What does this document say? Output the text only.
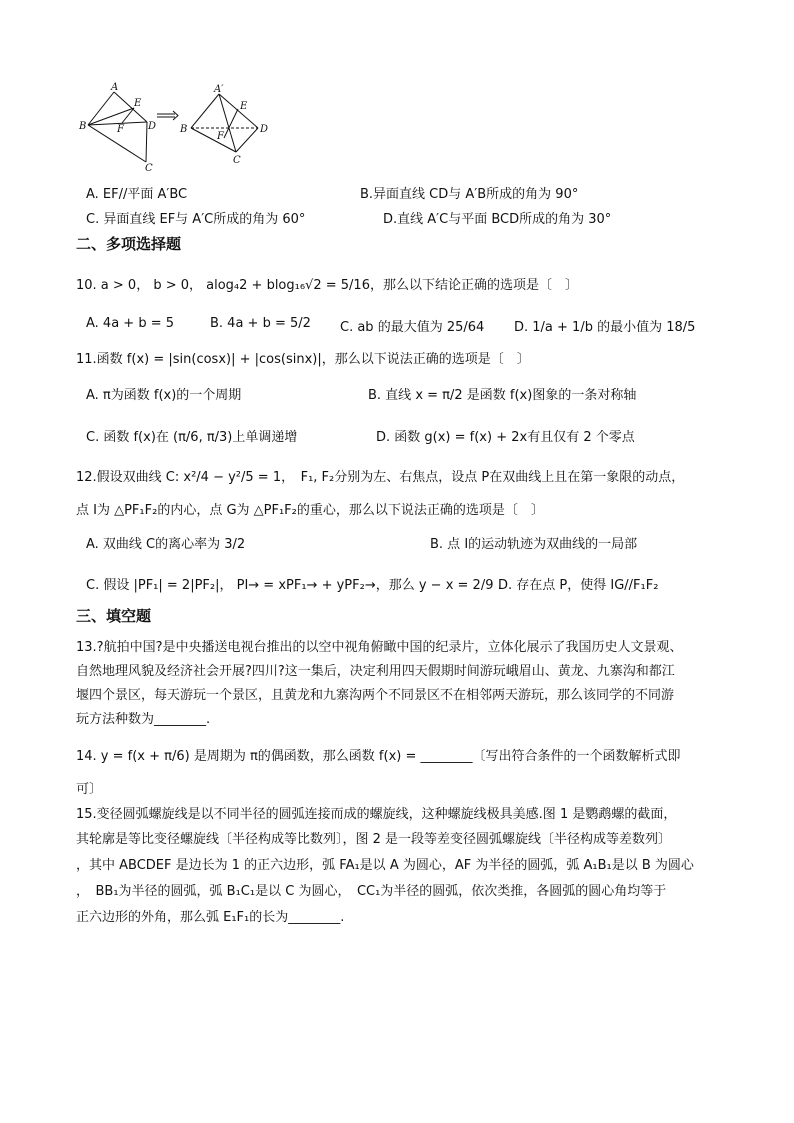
A
E
B	F D
C
A′
E
B
F
D
C
A. EF//平面 A′BC	B.异面直线 CD与 A′B所成的角为 90°
C. 异面直线 EF与 A′C所成的角为 60°	D.直线 A′C与平面 BCD所成的角为 30°
二、多项选择题
10. a > 0， b > 0， alog₄2 + blog₁₆√2 = 5/16，那么以下结论正确的选项是〔　〕
A. 4a + b = 5	B. 4a + b = 5/2 C. ab 的最大值为 25/64 D. 1/a + 1/b 的最小值为 18/5
11.函数 f(x) = |sin(cosx)| + |cos(sinx)|，那么以下说法正确的选项是〔　〕
A. π为函数 f(x)的一个周期	B. 直线 x = π/2 是函数 f(x)图象的一条对称轴
C. 函数 f(x)在 (π/6, π/3)上单调递增	D. 函数 g(x) = f(x) + 2x有且仅有 2 个零点
12.假设双曲线 C: x²/4 − y²/5 = 1，　F₁, F₂分别为左、右焦点，设点 P在双曲线上且在第一象限的动点，
点 I为 △PF₁F₂的内心，点 G为 △PF₁F₂的重心，那么以下说法正确的选项是〔　〕
A. 双曲线 C的离心率为 3/2	B. 点 I的运动轨迹为双曲线的一局部
C. 假设 |PF₁| = 2|PF₂|， PI→ = xPF₁→ + yPF₂→，那么 y − x = 2/9 .
D. 存在点 P，使得 IG//F₁F₂
三、填空题
13.?航拍中国?是中央播送电视台推出的以空中视角俯瞰中国的纪录片，立体化展示了我国历史人文景观、
自然地理风貌及经济社会开展?四川?这一集后，决定利用四天假期时间游玩峨眉山、黄龙、九寨沟和都江
堰四个景区，每天游玩一个景区，且黄龙和九寨沟两个不同景区不在相邻两天游玩，那么该同学的不同游
玩方法种数为________.
14. y = f(x + π/6) 是周期为 π的偶函数，那么函数 f(x) = ________〔写出符合条件的一个函数解析式即
可〕
15.变径圆弧螺旋线是以不同半径的圆弧连接而成的螺旋线，这种螺旋线极具美感.图 1 是鹦鹉螺的截面，
其轮廓是等比变径螺旋线〔半径构成等比数列〕，图 2 是一段等差变径圆弧螺旋线〔半径构成等差数列〕
，其中 ABCDEF 是边长为 1 的正六边形，弧 FA₁是以 A 为圆心，AF 为半径的圆弧，弧 A₁B₁是以 B 为圆心
，　BB₁为半径的圆弧，弧 B₁C₁是以 C 为圆心，　CC₁为半径的圆弧，依次类推，各圆弧的圆心角均等于
正六边形的外角，那么弧 E₁F₁的长为________.
